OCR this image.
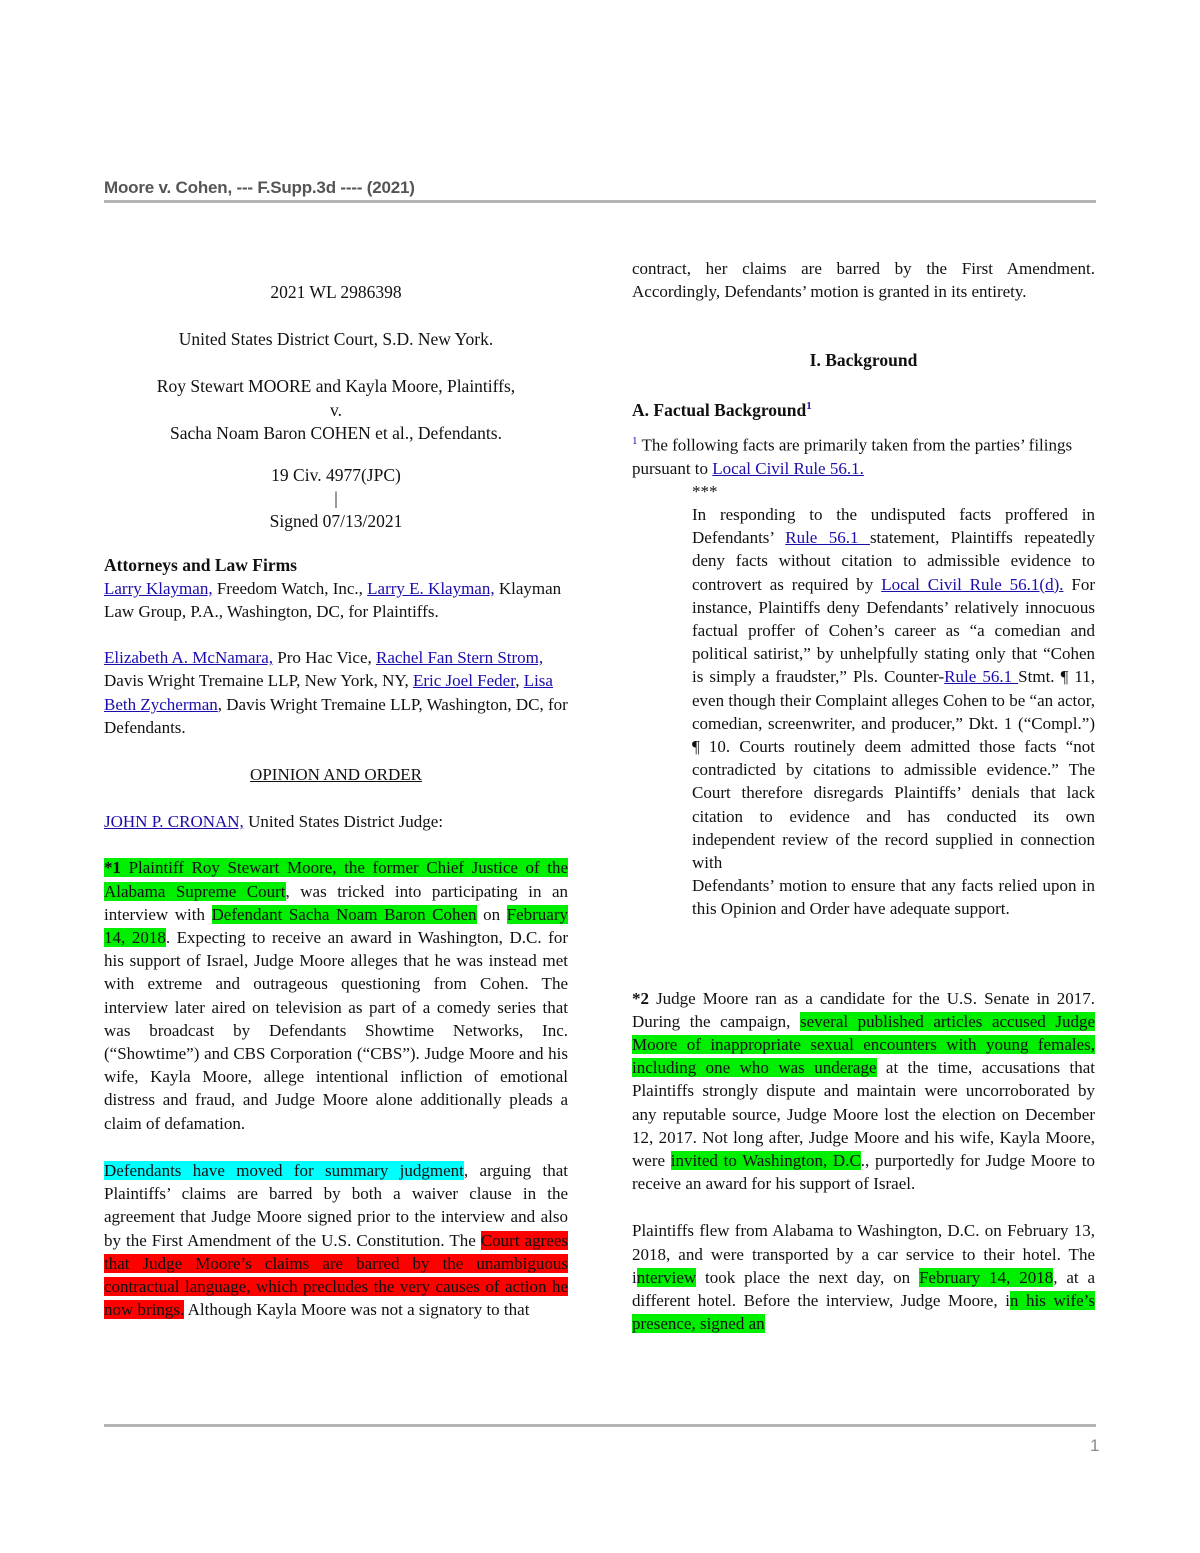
Moore v. Cohen, --- F.Supp.3d ---- (2021)

2021 WL 2986398

United States District Court, S.D. New York.

Roy Stewart MOORE and Kayla Moore, Plaintiffs,

v.

Sacha Noam Baron COHEN et al., Defendants.

19 Civ. 4977(JPC)

|

Signed 07/13/2021

Attorneys and Law Firms

Larry Klayman, Freedom Watch, Inc., Larry E. Klayman, Klayman Law Group, P.A., Washington, DC, for Plaintiffs.

Elizabeth A. McNamara, Pro Hac Vice, Rachel Fan Stern Strom, Davis Wright Tremaine LLP, New York, NY, Eric Joel Feder, Lisa Beth Zycherman, Davis Wright Tremaine LLP, Washington, DC, for Defendants.

OPINION AND ORDER

JOHN P. CRONAN, United States District Judge:

*1 Plaintiff Roy Stewart Moore, the former Chief Justice of the Alabama Supreme Court, was tricked into participating in an interview with Defendant Sacha Noam Baron Cohen on February 14, 2018. Expecting to receive an award in Washington, D.C. for his support of Israel, Judge Moore alleges that he was instead met with extreme and outrageous questioning from Cohen. The interview later aired on television as part of a comedy series that was broadcast by Defendants Showtime Networks, Inc. (“Showtime”) and CBS Corporation (“CBS”). Judge Moore and his wife, Kayla Moore, allege intentional infliction of emotional distress and fraud, and Judge Moore alone additionally pleads a claim of defamation.

Defendants have moved for summary judgment, arguing that Plaintiffs’ claims are barred by both a waiver clause in the agreement that Judge Moore signed prior to the interview and also by the First Amendment of the U.S. Constitution. The Court agrees that Judge Moore’s claims are barred by the unambiguous contractual language, which precludes the very causes of action he now brings. Although Kayla Moore was not a signatory to that

contract, her claims are barred by the First Amendment. Accordingly, Defendants’ motion is granted in its entirety.

I. Background

A. Factual Background$^1$

$^1$ The following facts are primarily taken from the parties’ filings pursuant to Local Civil Rule 56.1.

***

In responding to the undisputed facts proffered in Defendants’ Rule 56.1 statement, Plaintiffs repeatedly deny facts without citation to admissible evidence to controvert as required by Local Civil Rule 56.1(d). For instance, Plaintiffs deny Defendants’ relatively innocuous factual proffer of Cohen’s career as “a comedian and political satirist,” by unhelpfully stating only that “Cohen is simply a fraudster,” Pls. Counter-Rule 56.1 Stmt. ¶ 11, even though their Complaint alleges Cohen to be “an actor, comedian, screenwriter, and producer,” Dkt. 1 (“Compl.”) ¶ 10. Courts routinely deem admitted those facts “not contradicted by citations to admissible evidence.” The Court therefore disregards Plaintiffs’ denials that lack citation to evidence and has conducted its own independent review of the record supplied in connection with

Defendants’ motion to ensure that any facts relied upon in this Opinion and Order have adequate support.

*2 Judge Moore ran as a candidate for the U.S. Senate in 2017. During the campaign, several published articles accused Judge Moore of inappropriate sexual encounters with young females, including one who was underage at the time, accusations that Plaintiffs strongly dispute and maintain were uncorroborated by any reputable source, Judge Moore lost the election on December 12, 2017. Not long after, Judge Moore and his wife, Kayla Moore, were invited to Washington, D.C., purportedly for Judge Moore to receive an award for his support of Israel.

Plaintiffs flew from Alabama to Washington, D.C. on February 13, 2018, and were transported by a car service to their hotel. The interview took place the next day, on February 14, 2018, at a different hotel. Before the interview, Judge Moore, in his wife’s presence, signed an

1
